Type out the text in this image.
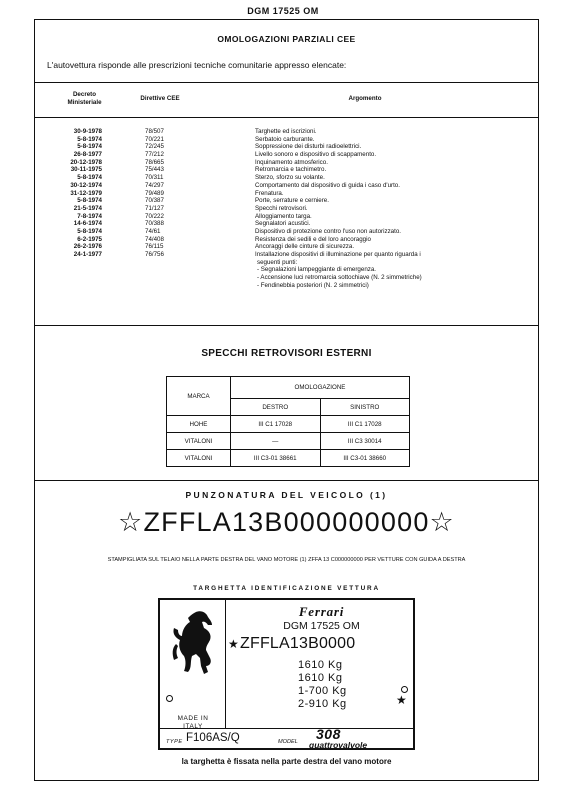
DGM 17525 OM
OMOLOGAZIONI PARZIALI CEE
L'autovettura risponde alle prescrizioni tecniche comunitarie appresso elencate:
Decreto Ministeriale
Direttive CEE	Argomento
30-9-1978	78/507	Targhette ed iscrizioni.
5-8-1974	70/221	Serbatoio carburante.
5-8-1974	72/245	Soppressione dei disturbi radioelettrici.
26-8-1977	77/212	Livello sonoro e dispositivo di scappamento.
20-12-1978	78/665	Inquinamento atmosferico.
30-11-1975	75/443	Retromarcia e tachimetro.
5-8-1974	70/311	Sterzo, sforzo su volante.
30-12-1974	74/297	Comportamento dal dispositivo di guida i caso d'urto.
31-12-1979	79/489	Frenatura.
5-8-1974	70/387	Porte, serrature e cerniere.
21-5-1974	71/127	Specchi retrovisori.
7-8-1974	70/222	Alloggiamento targa.
14-6-1974	70/388	Segnalatori acustici.
5-8-1974	74/61	Dispositivo di protezione contro l'uso non autorizzato.
6-2-1975	74/408	Resistenza dei sedili e del loro ancoraggio
26-2-1976	76/115	Ancoraggi delle cinture di sicurezza.
24-1-1977	76/756	Installazione dispositivi di illuminazione per quanto riguarda i
seguenti punti:
- Segnalazioni lampeggiante di emergenza.
- Accensione luci retromarcia sottochiave (N. 2 simmetriche)
- Fendinebbia posteriori (N. 2 simmetrici)
SPECCHI RETROVISORI ESTERNI
MARCA	OMOLOGAZIONE	
	DESTRO	SINISTRO
HOHE	III C1 17028	III C1 17028
VITALONI	—	III C3 30014
VITALONI	III C3-01 38661	III C3-01 38660
PUNZONATURA DEL VEICOLO (1)
☆ZFFLA13B000000000☆
STAMPIGLIATA SUL TELAIO NELLA PARTE DESTRA DEL VANO MOTORE (1) ZFFA 13 C000000000 PER VETTURE CON GUIDA A DESTRA
TARGHETTA IDENTIFICAZIONE VETTURA
MADE IN
ITALY
Ferrari
DGM 17525 OM
★ ZFFLA13B0000
★
1610 Kg
1610 Kg
1-700 Kg
2-910 Kg
TYPE F106AS/Q	MODEL 308
quattrovalvole
la targhetta è fissata nella parte destra del vano motore
